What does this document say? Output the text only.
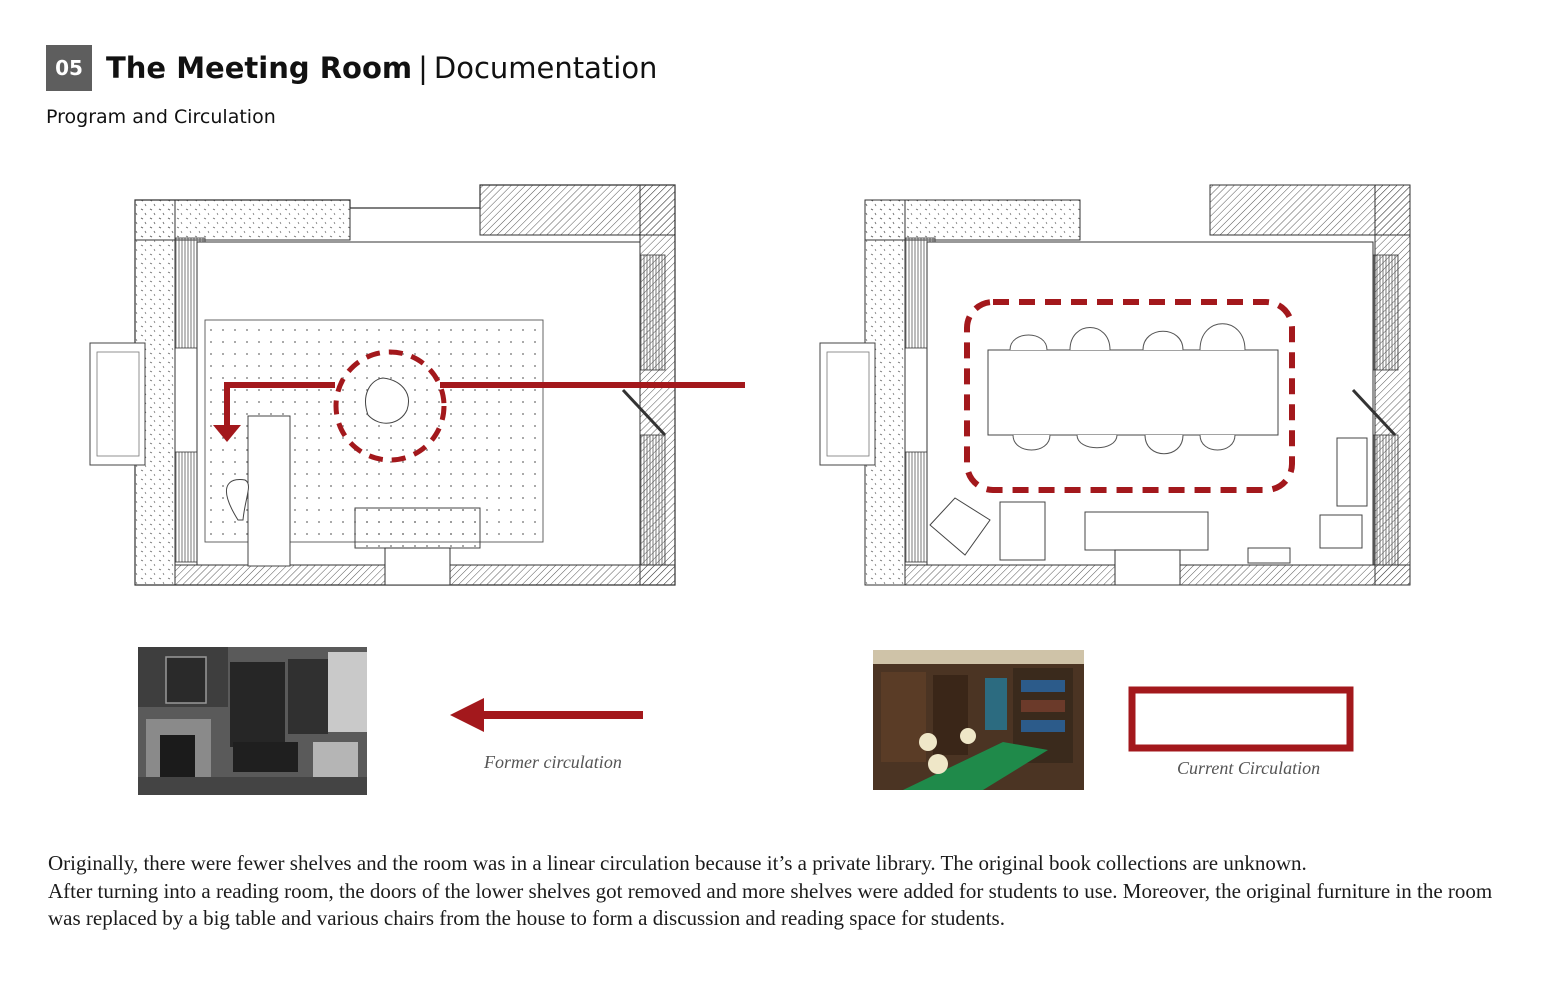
05 The Meeting Room | Documentation
Program and Circulation
Former circulation	Current Circulation

Originally, there were fewer shelves and the room was in a linear circulation because it’s a private library. The original book collections are unknown.

After turning into a reading room, the doors of the lower shelves got removed and more shelves were added for students to use. Moreover, the original furniture in the room was replaced by a big table and various chairs from the house to form a discussion and reading space for students.
